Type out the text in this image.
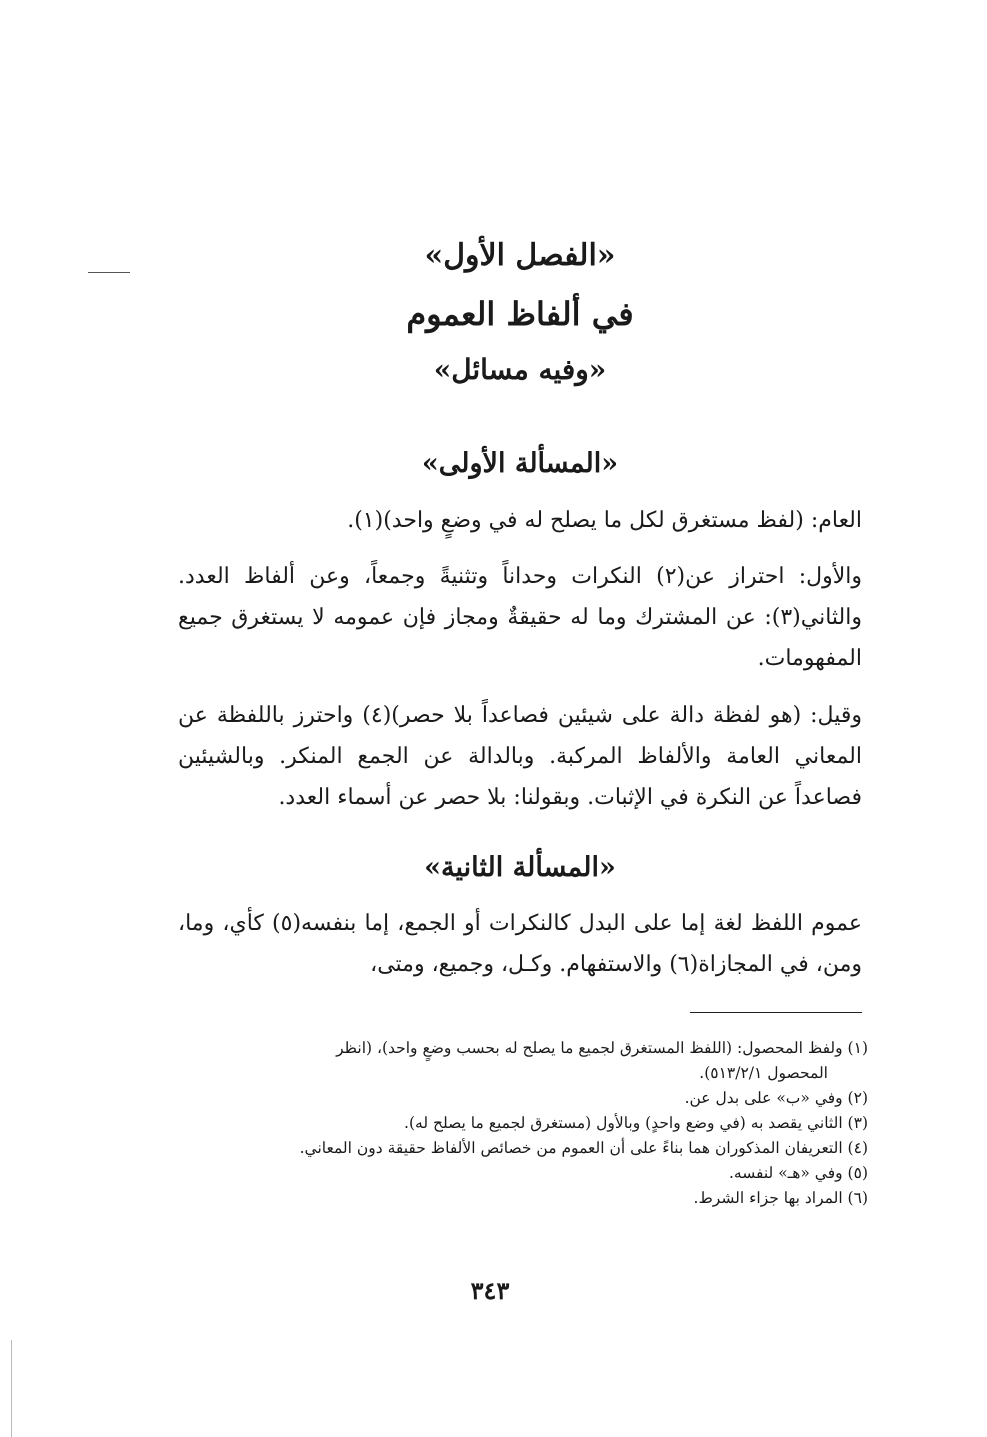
«الفصل الأول»
في ألفاظ العموم
«وفيه مسائل»
«المسألة الأولى»
العام: (لفظ مستغرق لكل ما يصلح له في وضعٍ واحد)(١).
والأول: احتراز عن(٢) النكرات وحداناً وتثنيةً وجمعاً، وعن ألفاظ العدد. والثاني(٣): عن المشترك وما له حقيقةٌ ومجاز فإن عمومه لا يستغرق جميع المفهومات.
وقيل: (هو لفظة دالة على شيئين فصاعداً بلا حصر)(٤) واحترز باللفظة عن المعاني العامة والألفاظ المركبة. وبالدالة عن الجمع المنكر. وبالشيئين فصاعداً عن النكرة في الإثبات. وبقولنا: بلا حصر عن أسماء العدد.
«المسألة الثانية»
عموم اللفظ لغة إما على البدل كالنكرات أو الجمع، إما بنفسه(٥) كأي، وما، ومن، في المجازاة(٦) والاستفهام. وكـل، وجميع، ومتى،

(١) ولفظ المحصول: (اللفظ المستغرق لجميع ما يصلح له بحسب وضعٍ واحد)، (انظر

المحصول ٥١٣/٢/١).

(٢) وفي «ب» على بدل عن.

(٣) الثاني يقصد به (في وضع واحدٍ) وبالأول (مستغرق لجميع ما يصلح له).

(٤) التعريفان المذكوران هما بناءً على أن العموم من خصائص الألفاظ حقيقة دون المعاني.

(٥) وفي «هـ» لنفسه.

(٦) المراد بها جزاء الشرط.

٣٤٣
